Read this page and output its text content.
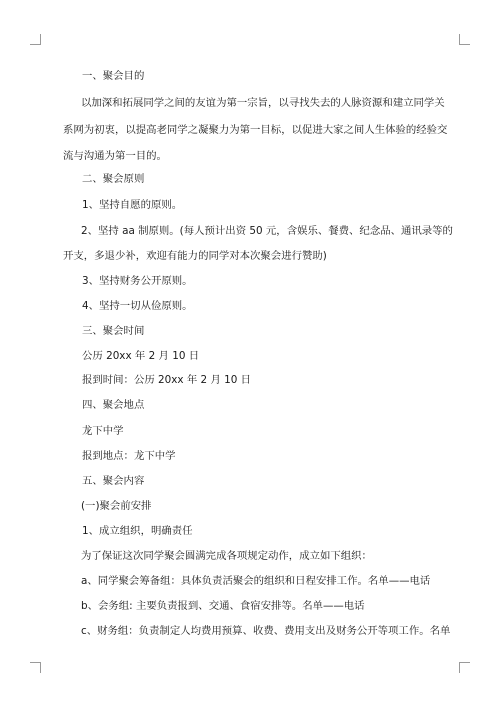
一、聚会目的
以加深和拓展同学之间的友谊为第一宗旨，以寻找失去的人脉资源和建立同学关
系网为初衷，以提高老同学之凝聚力为第一目标，以促进大家之间人生体验的经验交
流与沟通为第一目的。
二、聚会原则
1、坚持自愿的原则。
2、坚持 aa 制原则。(每人预计出资 50 元，含娱乐、餐费、纪念品、通讯录等的
开支，多退少补，欢迎有能力的同学对本次聚会进行赞助)
3、坚持财务公开原则。
4、坚持一切从俭原则。
三、聚会时间
公历 20xx 年 2 月 10 日
报到时间：公历 20xx 年 2 月 10 日
四、聚会地点
龙下中学
报到地点：龙下中学
五、聚会内容
(一)聚会前安排
1、成立组织，明确责任
为了保证这次同学聚会圆满完成各项规定动作，成立如下组织：
a、同学聚会筹备组：具体负责活聚会的组织和日程安排工作。名单——电话
b、会务组: 主要负责报到、交通、食宿安排等。名单——电话
c、财务组：负责制定人均费用预算、收费、费用支出及财务公开等项工作。名单
